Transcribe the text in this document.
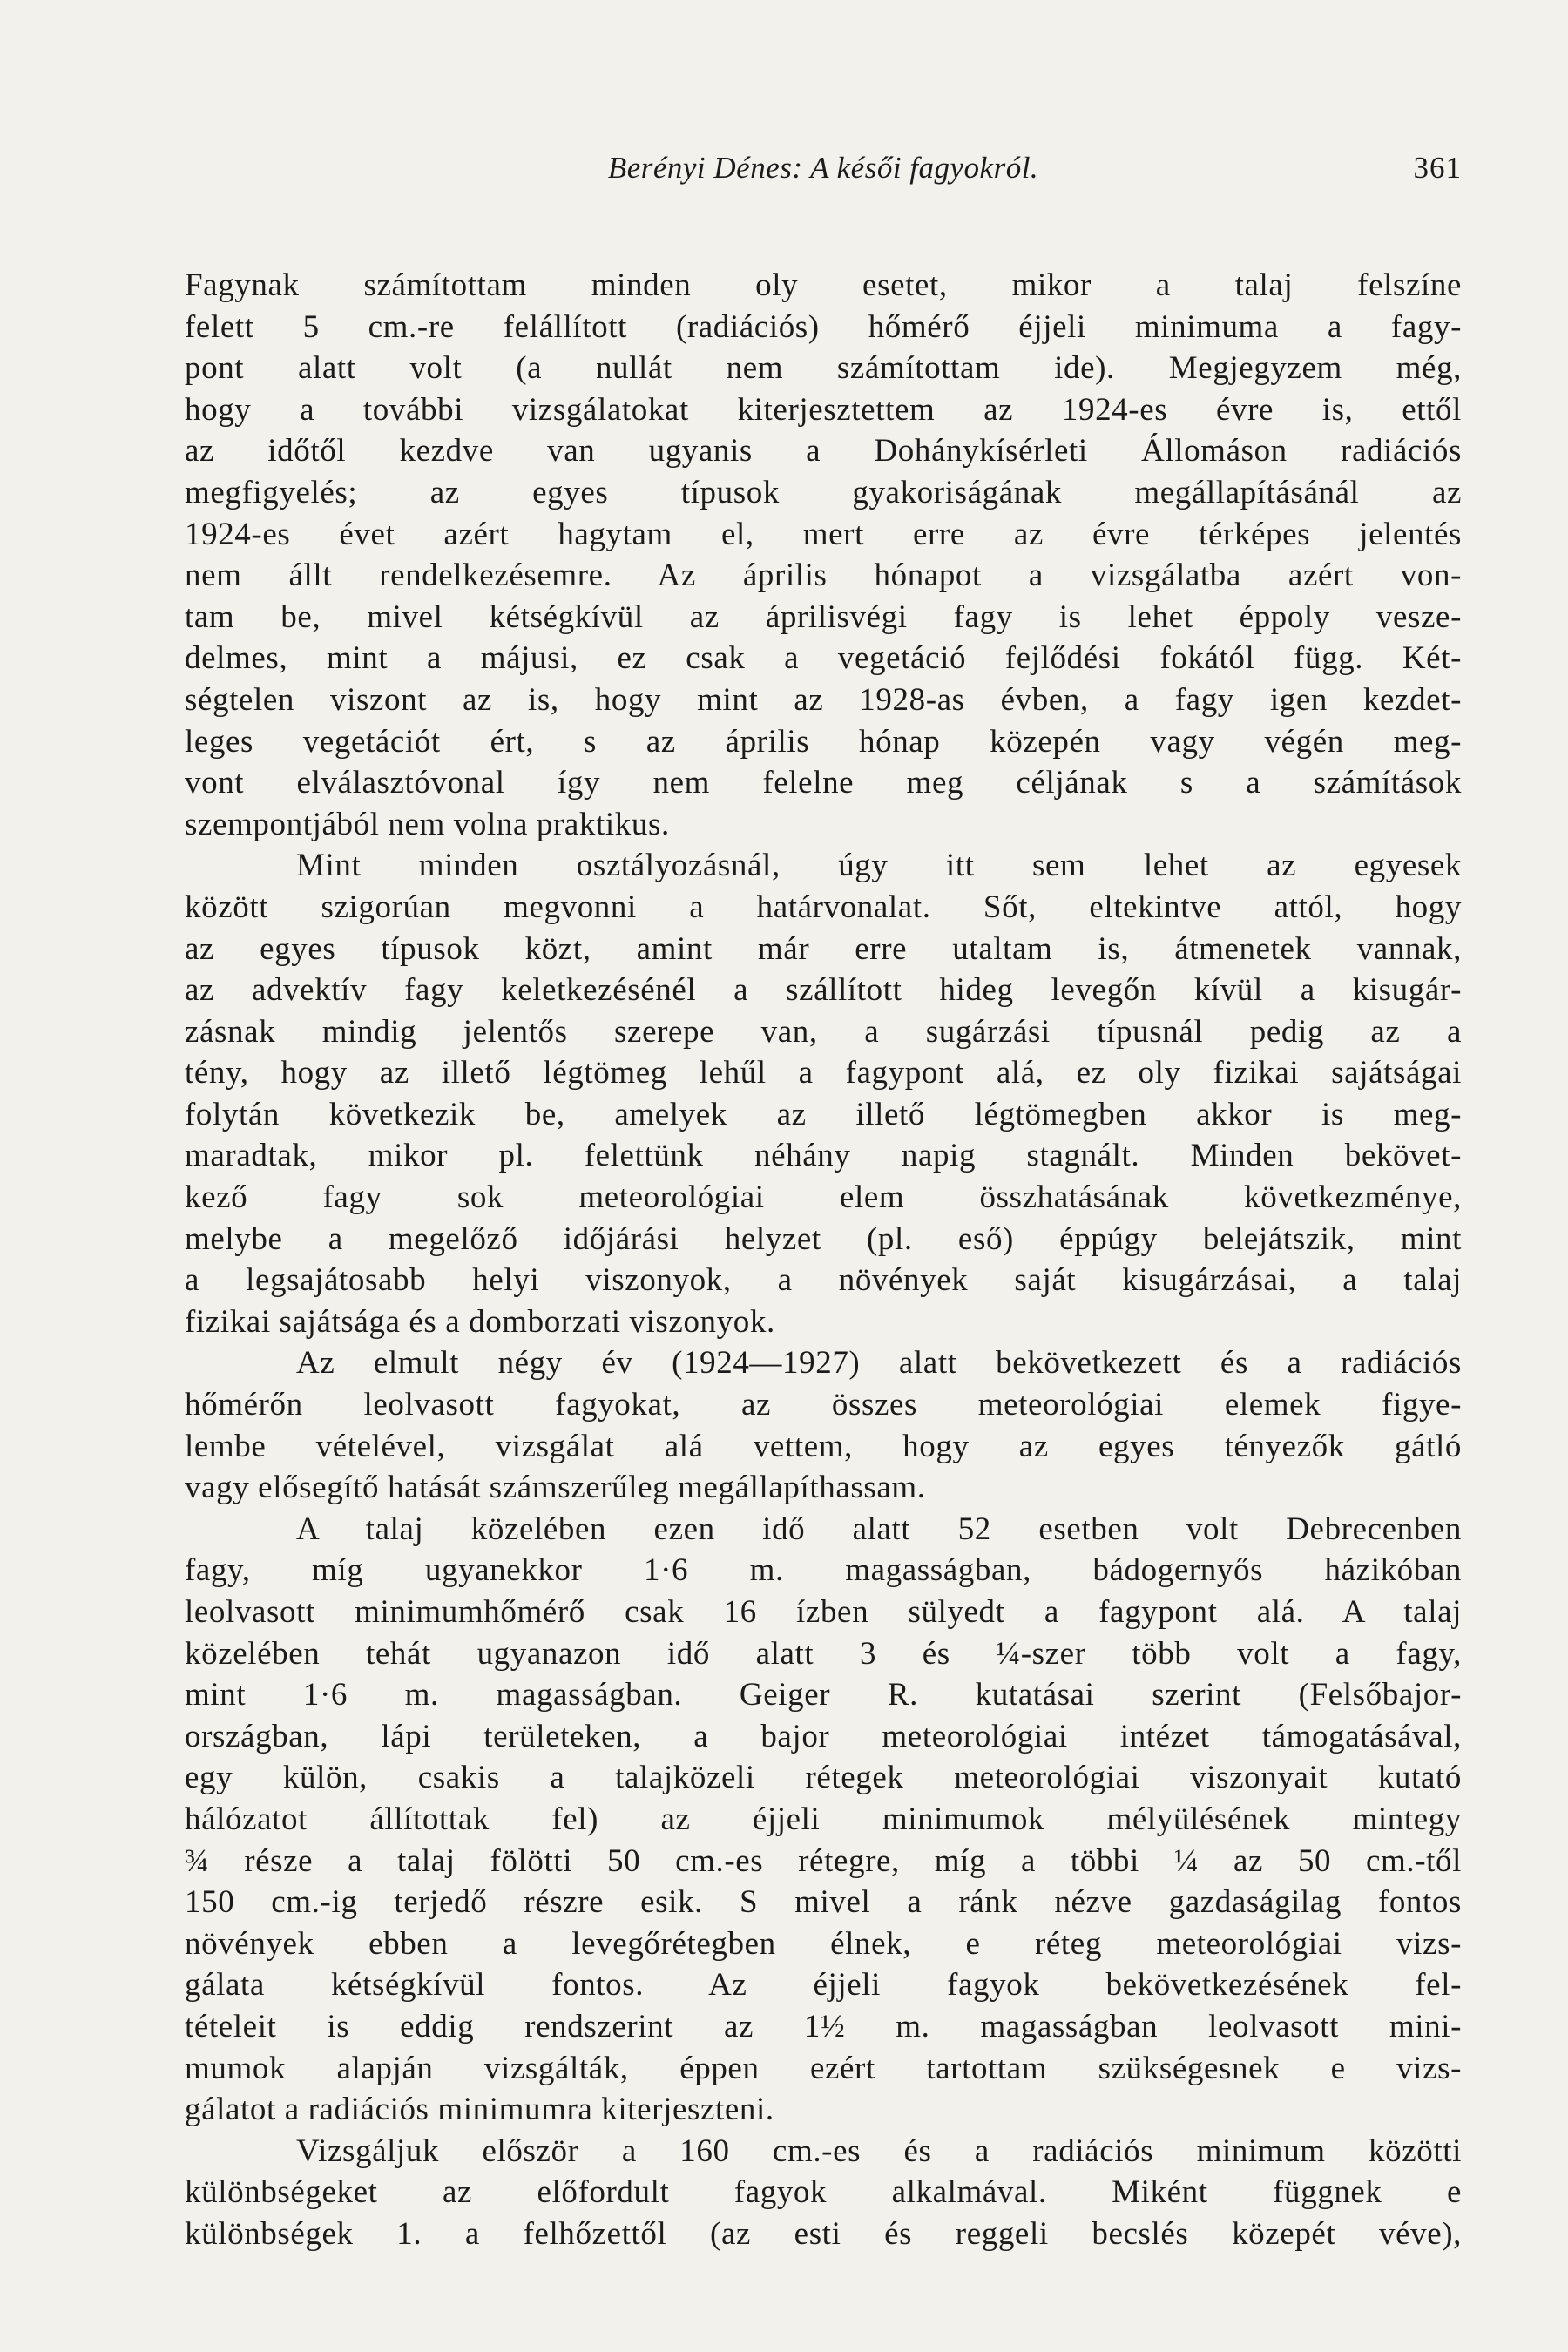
Berényi Dénes: A késői fagyokról.	361
Fagynak számítottam minden oly esetet, mikor a talaj felszíne
felett 5 cm.-re felállított (radiációs) hőmérő éjjeli minimuma a fagy-
pont alatt volt (a nullát nem számítottam ide). Megjegyzem még,
hogy a további vizsgálatokat kiterjesztettem az 1924-es évre is, ettől
az időtől kezdve van ugyanis a Dohánykísérleti Állomáson radiációs
megfigyelés; az egyes típusok gyakoriságának megállapításánál az
1924-es évet azért hagytam el, mert erre az évre térképes jelentés
nem állt rendelkezésemre. Az április hónapot a vizsgálatba azért von-
tam be, mivel kétségkívül az áprilisvégi fagy is lehet éppoly vesze-
delmes, mint a májusi, ez csak a vegetáció fejlődési fokától függ. Két-
ségtelen viszont az is, hogy mint az 1928-as évben, a fagy igen kezdet-
leges vegetációt ért, s az április hónap közepén vagy végén meg-
vont elválasztóvonal így nem felelne meg céljának s a számítások
szempontjából nem volna praktikus.
Mint minden osztályozásnál, úgy itt sem lehet az egyesek
között szigorúan megvonni a határvonalat. Sőt, eltekintve attól, hogy
az egyes típusok közt, amint már erre utaltam is, átmenetek vannak,
az advektív fagy keletkezésénél a szállított hideg levegőn kívül a kisugár-
zásnak mindig jelentős szerepe van, a sugárzási típusnál pedig az a
tény, hogy az illető légtömeg lehűl a fagypont alá, ez oly fizikai sajátságai
folytán következik be, amelyek az illető légtömegben akkor is meg-
maradtak, mikor pl. felettünk néhány napig stagnált. Minden bekövet-
kező fagy sok meteorológiai elem összhatásának következménye,
melybe a megelőző időjárási helyzet (pl. eső) éppúgy belejátszik, mint
a legsajátosabb helyi viszonyok, a növények saját kisugárzásai, a talaj
fizikai sajátsága és a domborzati viszonyok.
Az elmult négy év (1924—1927) alatt bekövetkezett és a radiációs
hőmérőn leolvasott fagyokat, az összes meteorológiai elemek figye-
lembe vételével, vizsgálat alá vettem, hogy az egyes tényezők gátló
vagy elősegítő hatását számszerűleg megállapíthassam.
A talaj közelében ezen idő alatt 52 esetben volt Debrecenben
fagy, míg ugyanekkor 1·6 m. magasságban, bádogernyős házikóban
leolvasott minimumhőmérő csak 16 ízben sülyedt a fagypont alá. A talaj
közelében tehát ugyanazon idő alatt 3 és ¼-szer több volt a fagy,
mint 1·6 m. magasságban. Geiger R. kutatásai szerint (Felsőbajor-
országban, lápi területeken, a bajor meteorológiai intézet támogatásával,
egy külön, csakis a talajközeli rétegek meteorológiai viszonyait kutató
hálózatot állítottak fel) az éjjeli minimumok mélyülésének mintegy
¾ része a talaj fölötti 50 cm.-es rétegre, míg a többi ¼ az 50 cm.-től
150 cm.-ig terjedő részre esik. S mivel a ránk nézve gazdaságilag fontos
növények ebben a levegőrétegben élnek, e réteg meteorológiai vizs-
gálata kétségkívül fontos. Az éjjeli fagyok bekövetkezésének fel-
tételeit is eddig rendszerint az 1½ m. magasságban leolvasott mini-
mumok alapján vizsgálták, éppen ezért tartottam szükségesnek e vizs-
gálatot a radiációs minimumra kiterjeszteni.
Vizsgáljuk először a 160 cm.-es és a radiációs minimum közötti
különbségeket az előfordult fagyok alkalmával. Miként függnek e
különbségek 1. a felhőzettől (az esti és reggeli becslés közepét véve),
